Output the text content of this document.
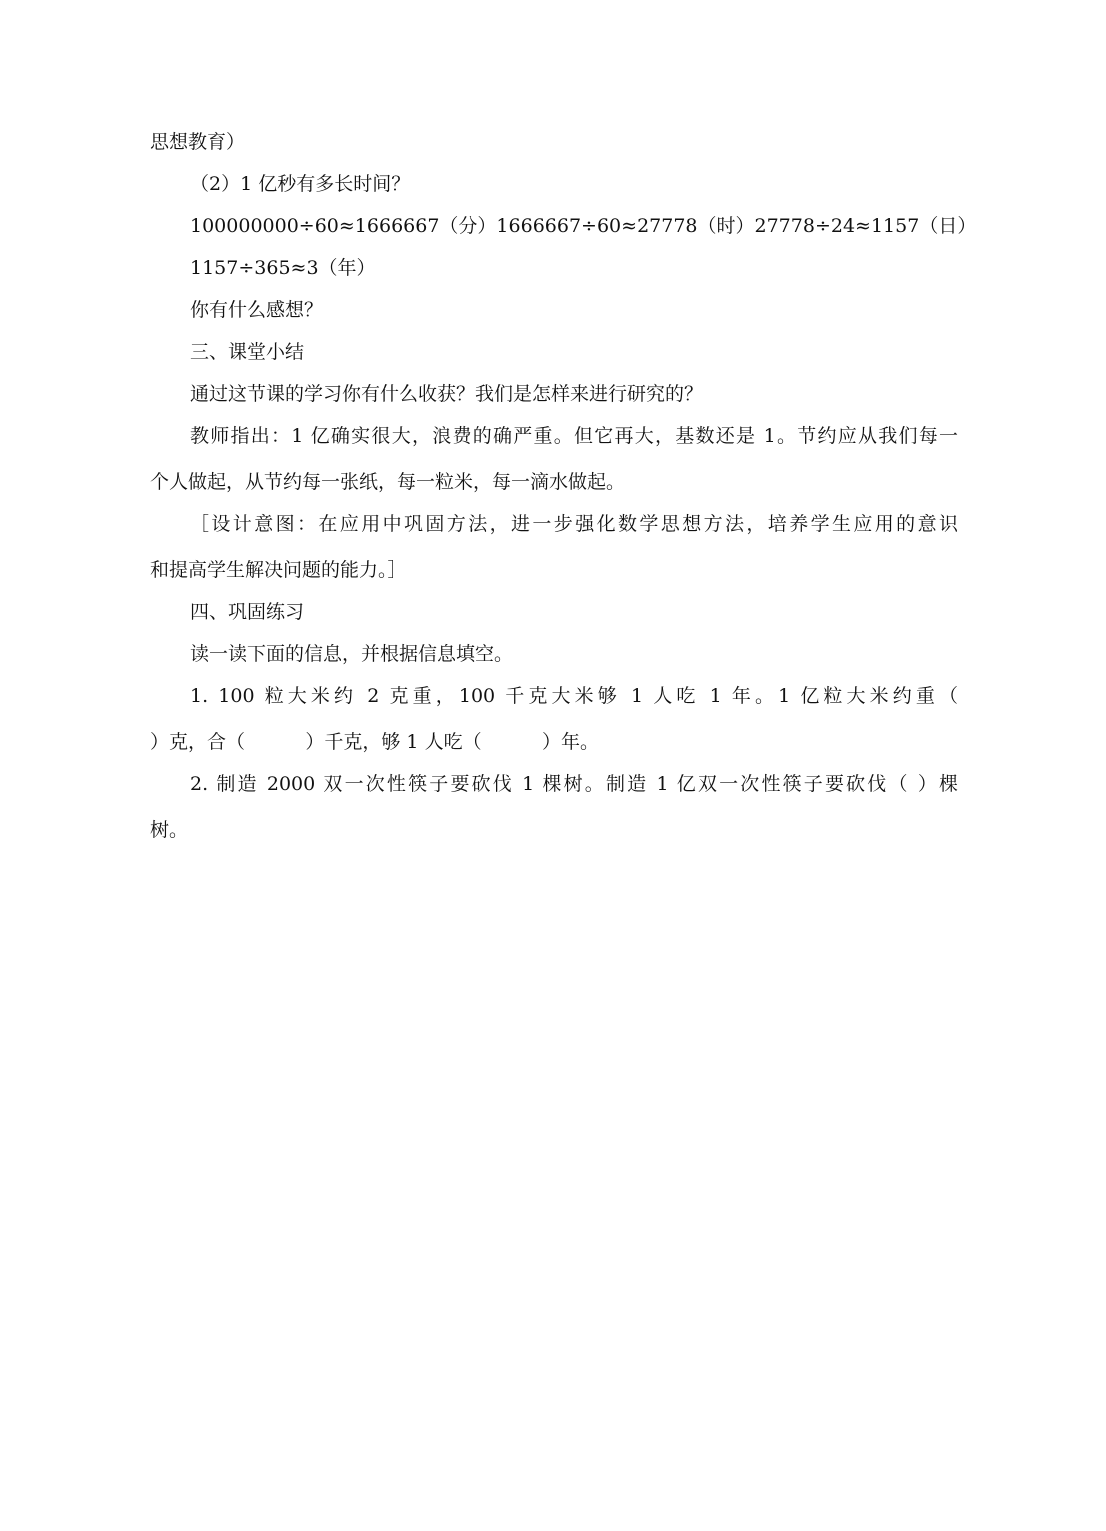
思想教育）
（2）1 亿秒有多长时间？
100000000÷60≈1666667（分）1666667÷60≈27778（时）27778÷24≈1157（日）
1157÷365≈3（年）
你有什么感想？
三、课堂小结
通过这节课的学习你有什么收获？我们是怎样来进行研究的？
教师指出：1 亿确实很大，浪费的确严重。但它再大，基数还是 1。节约应从我们每一
个人做起，从节约每一张纸，每一粒米，每一滴水做起。
［设计意图：在应用中巩固方法，进一步强化数学思想方法，培养学生应用的意识
和提高学生解决问题的能力。］
四、巩固练习
读一读下面的信息，并根据信息填空。
1. 100 粒大米约 2 克重，100 千克大米够 1 人吃 1 年。1 亿粒大米约重（
）克，合（          ）千克，够 1 人吃（          ）年。
2. 制造 2000 双一次性筷子要砍伐 1 棵树。制造 1 亿双一次性筷子要砍伐（ ）棵
树。
